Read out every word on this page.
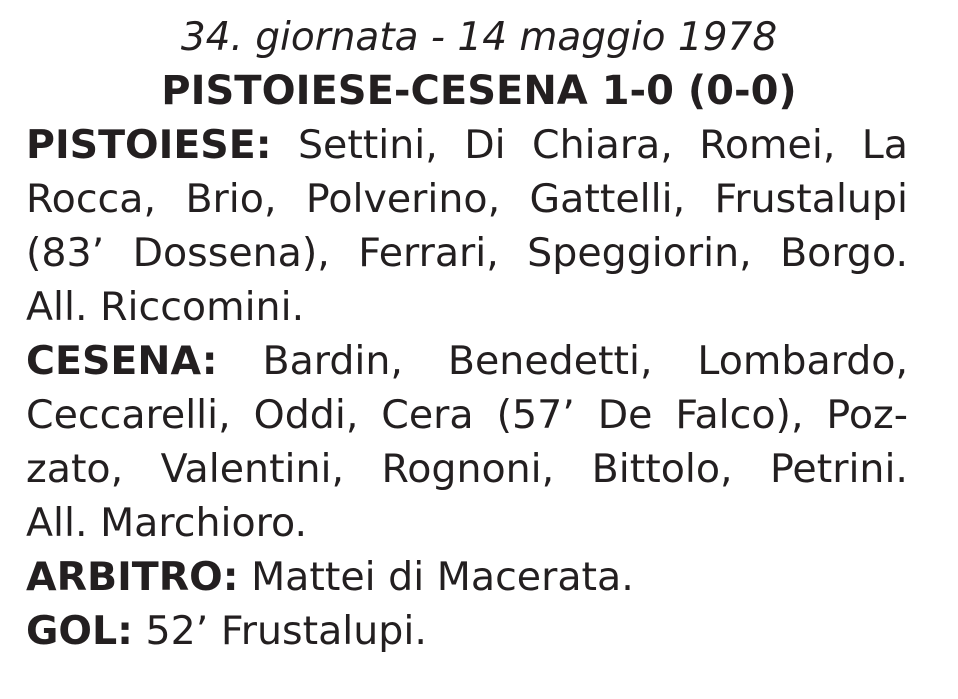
34. giornata - 14 maggio 1978
PISTOIESE-CESENA 1-0 (0-0)
PISTOIESE: Settini, Di Chiara, Romei, La
Rocca, Brio, Polverino, Gattelli, Frustalupi
(83’ Dossena), Ferrari, Speggiorin, Borgo.
All. Riccomini.
CESENA: Bardin, Benedetti, Lombardo,
Ceccarelli, Oddi, Cera (57’ De Falco), Poz-
zato, Valentini, Rognoni, Bittolo, Petrini.
All. Marchioro.
ARBITRO: Mattei di Macerata.
GOL: 52’ Frustalupi.
